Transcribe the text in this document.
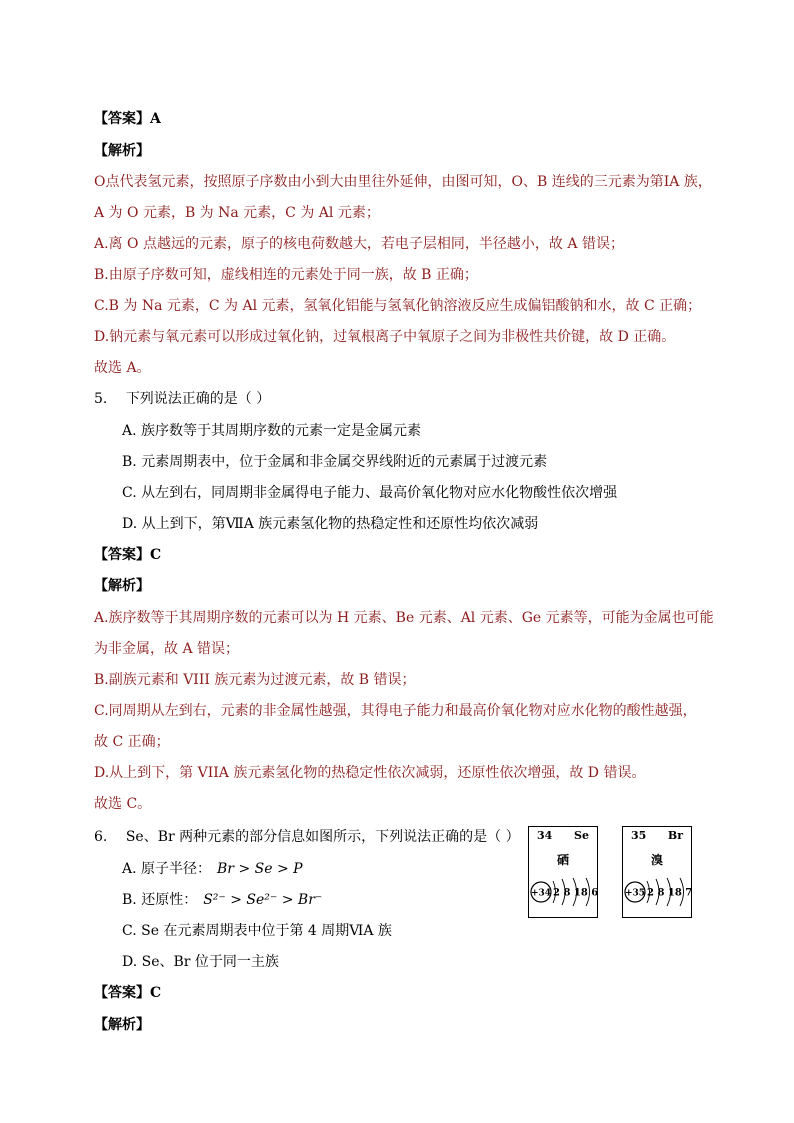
【答案】A
【解析】
O点代表氢元素，按照原子序数由小到大由里往外延伸，由图可知，O、B 连线的三元素为第ⅠA 族，
A 为 O 元素，B 为 Na 元素，C 为 Al 元素；
A.离 O 点越远的元素，原子的核电荷数越大，若电子层相同，半径越小，故 A 错误；
B.由原子序数可知，虚线相连的元素处于同一族，故 B 正确；
C.B 为 Na 元素，C 为 Al 元素，氢氧化铝能与氢氧化钠溶液反应生成偏铝酸钠和水，故 C 正确；
D.钠元素与氧元素可以形成过氧化钠，过氧根离子中氧原子之间为非极性共价键，故 D 正确。
故选 A。
5. 下列说法正确的是（ ）
A. 族序数等于其周期序数的元素一定是金属元素
B. 元素周期表中，位于金属和非金属交界线附近的元素属于过渡元素
C. 从左到右，同周期非金属得电子能力、最高价氧化物对应水化物酸性依次增强
D. 从上到下，第ⅦA 族元素氢化物的热稳定性和还原性均依次减弱
【答案】C
【解析】
A.族序数等于其周期序数的元素可以为 H 元素、Be 元素、Al 元素、Ge 元素等，可能为金属也可能
为非金属，故 A 错误；
B.副族元素和 VIII 族元素为过渡元素，故 B 错误；
C.同周期从左到右，元素的非金属性越强，其得电子能力和最高价氧化物对应水化物的酸性越强，
故 C 正确；
D.从上到下，第 VIIA 族元素氢化物的热稳定性依次减弱，还原性依次增强，故 D 错误。
故选 C。
6. Se、Br 两种元素的部分信息如图所示，下列说法正确的是（ ）
A. 原子半径： Br > Se > P
B. 还原性： S²⁻ > Se²⁻ > Br⁻
C. Se 在元素周期表中位于第 4 周期ⅥA 族
D. Se、Br 位于同一主族
【答案】C
【解析】
34 Se
硒
+34 2 8 18 6
35 Br
溴
+35 2 8 18 7
